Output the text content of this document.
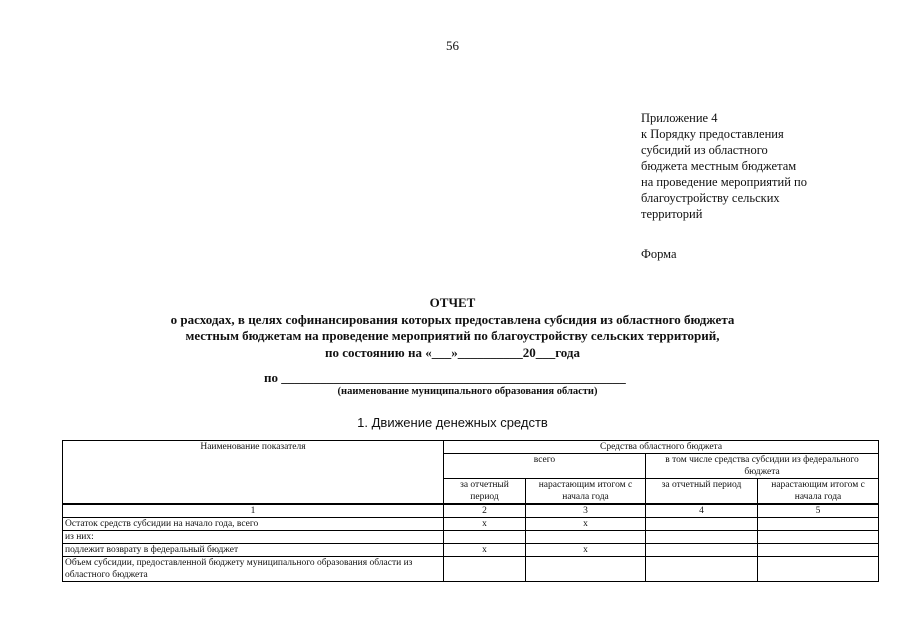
56
Приложение 4
к Порядку предоставления
субсидий из областного
бюджета местным бюджетам
на проведение мероприятий по
благоустройству сельских
территорий
Форма
ОТЧЕТ
о расходах, в целях софинансирования которых предоставлена субсидия из областного бюджета
местным бюджетам на проведение мероприятий по благоустройству сельских территорий,
по состоянию на «___»__________20___года
по _____________________________________________________
(наименование муниципального образования области)
1. Движение денежных средств
Наименование показателя	Средства областного бюджета			
	всего		в том числе средства субсидии из федерального бюджета	
	за отчетный период	нарастающим итогом с начала года	за отчетный период	нарастающим итогом с начала года
1	2	3	4	5
Остаток средств субсидии на начало года, всего	х	х		
из них:				
подлежит возврату в федеральный бюджет	х	х		
Объем субсидии, предоставленной бюджету муниципального образования области из областного бюджета				
